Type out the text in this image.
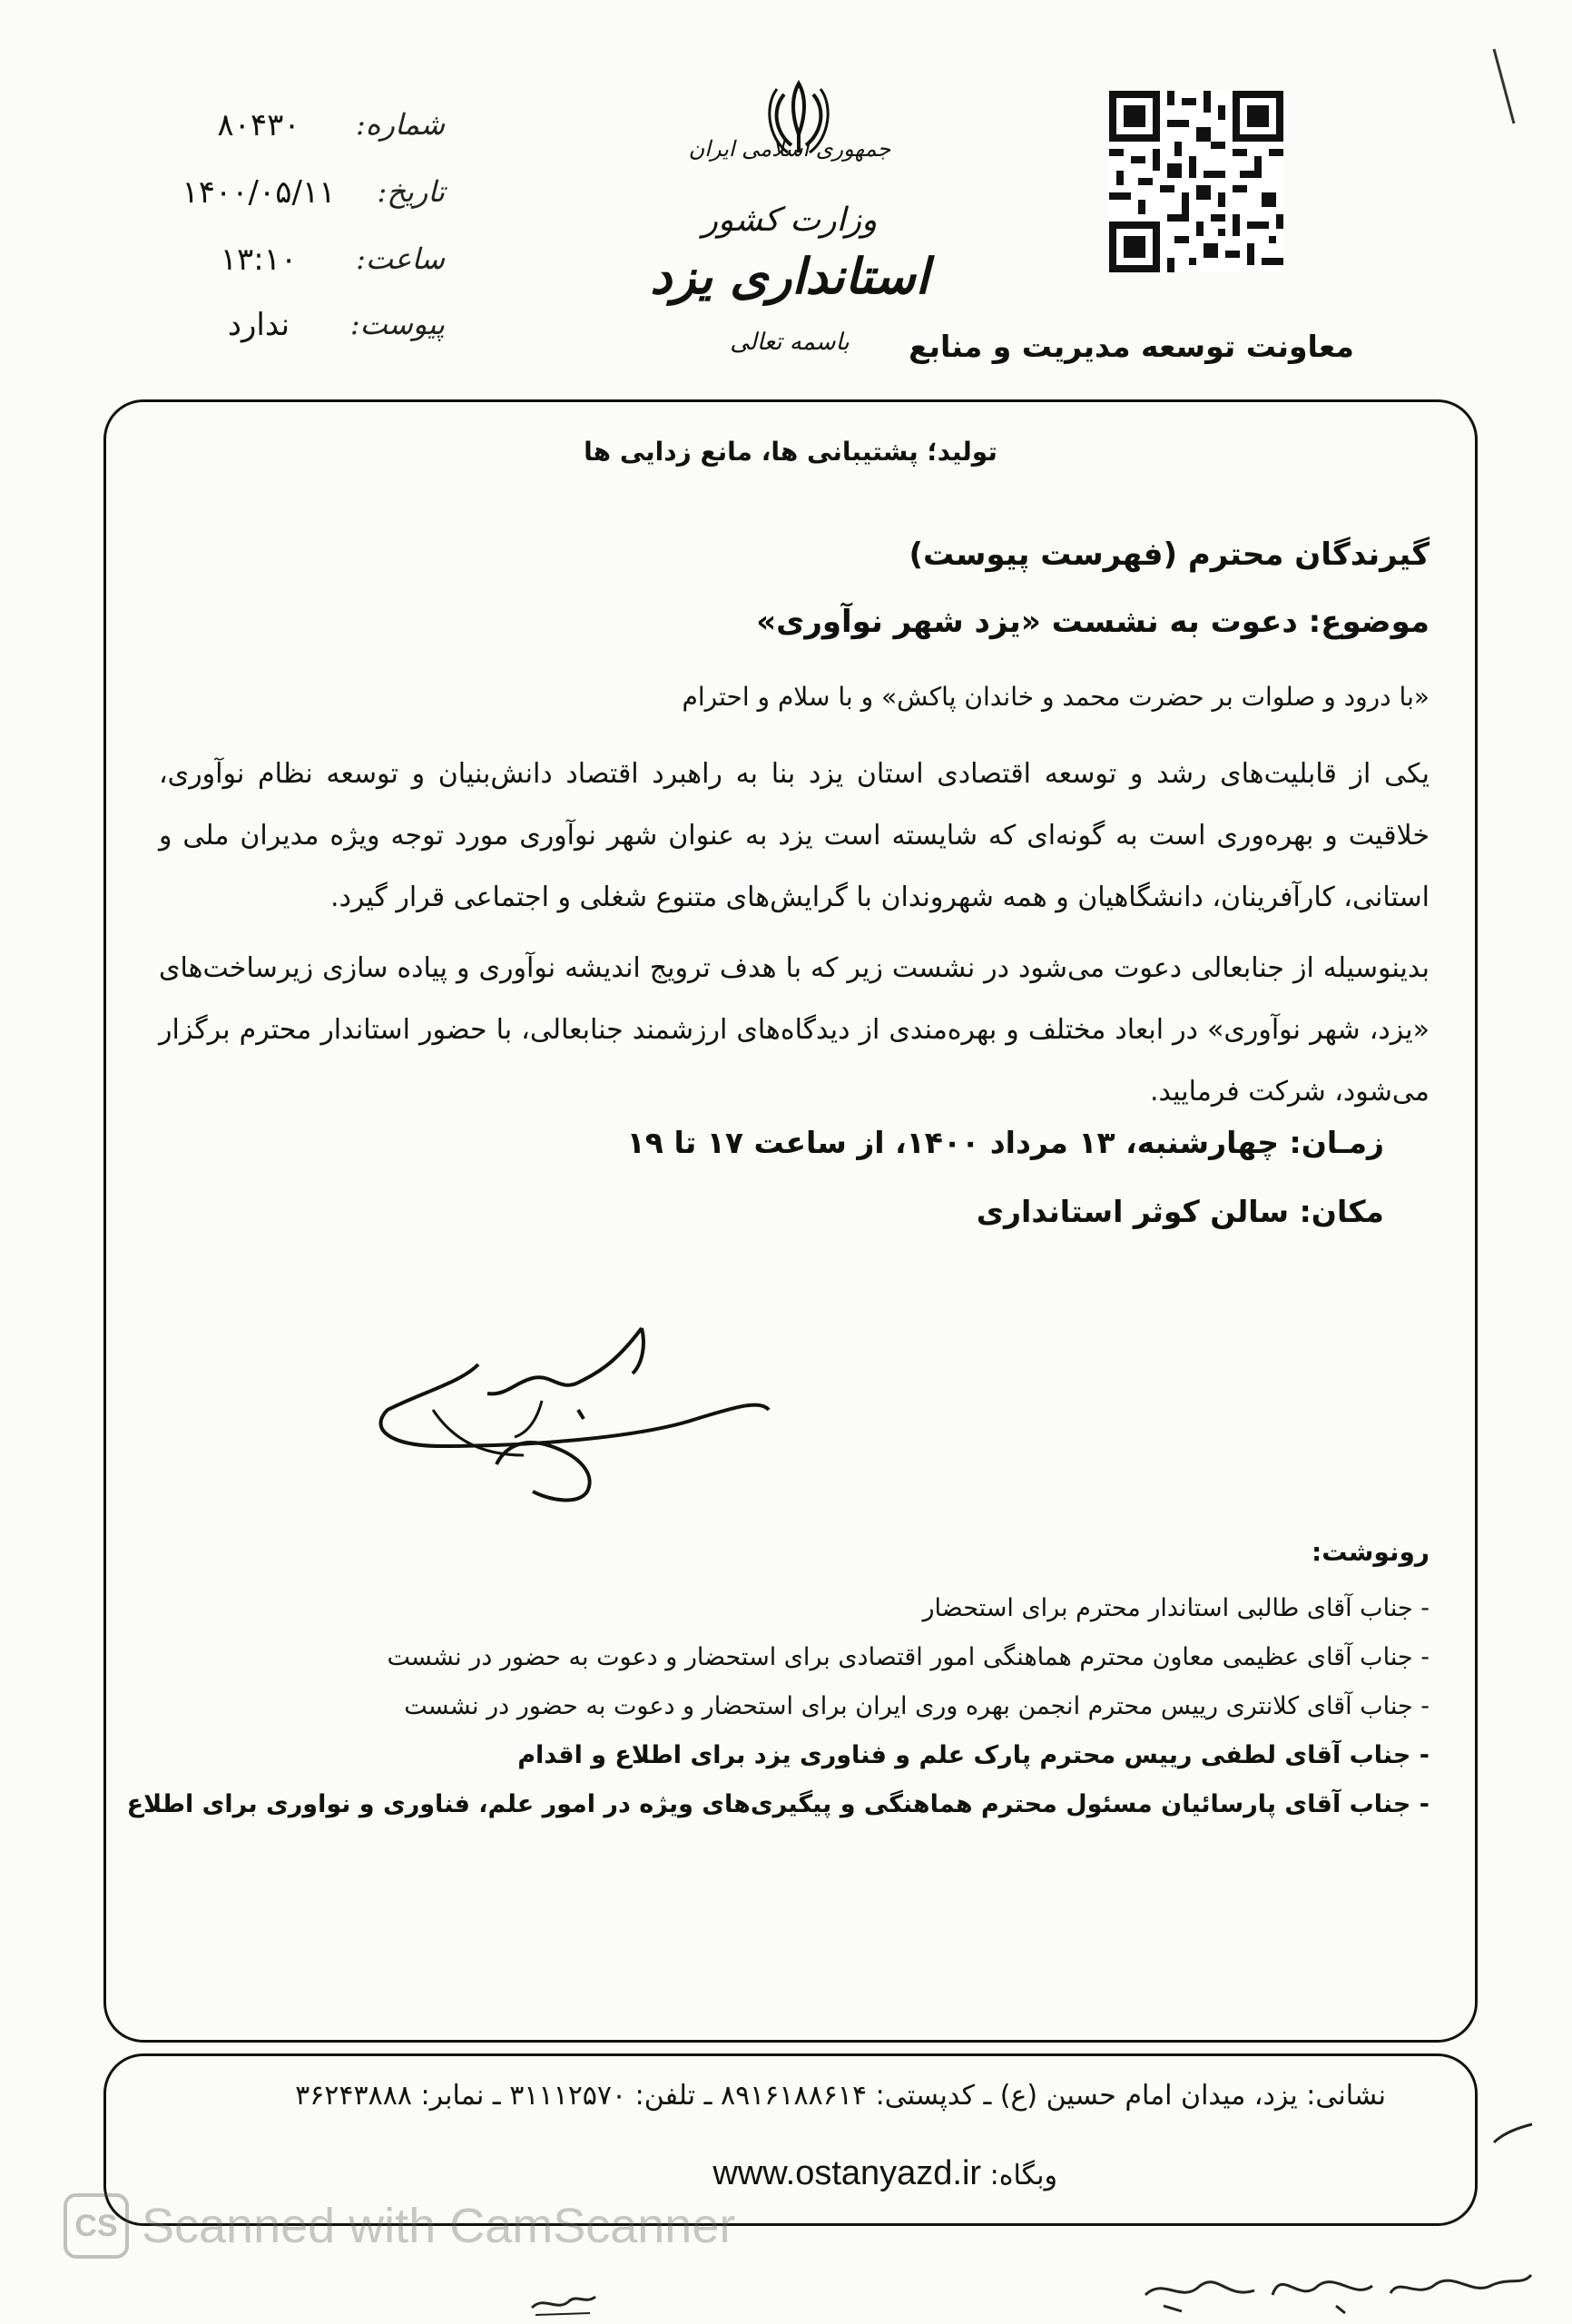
شماره:
۸۰۴۳۰
تاریخ:
۱۴۰۰/۰۵/۱۱
ساعت:
۱۳:۱۰
پیوست:
ندارد
جمهوری اسلامی ایران
وزارت کشور
استانداری یزد
باسمه تعالی	معاونت توسعه مدیریت و منابع
تولید؛ پشتیبانی ها، مانع زدایی ها
گیرندگان محترم (فهرست پیوست)
موضوع: دعوت به نشست «یزد شهر نوآوری»
«با درود و صلوات بر حضرت محمد و خاندان پاکش» و با سلام و احترام
یکی از قابلیت‌های رشد و توسعه اقتصادی استان یزد بنا به راهبرد اقتصاد دانش‌بنیان و توسعه نظام نوآوری، خلاقیت و بهره‌وری است به گونه‌ای که شایسته است یزد به عنوان شهر نوآوری مورد توجه ویژه مدیران ملی و استانی، کارآفرینان، دانشگاهیان و همه شهروندان با گرایش‌های متنوع شغلی و اجتماعی قرار گیرد.
بدینوسیله از جنابعالی دعوت می‌شود در نشست زیر که با هدف ترویج اندیشه نوآوری و پیاده سازی زیرساخت‌های «یزد، شهر نوآوری» در ابعاد مختلف و بهره‌مندی از دیدگاه‌های ارزشمند جنابعالی، با حضور استاندار محترم برگزار می‌شود، شرکت فرمایید.
زمـان: چهارشنبه، ۱۳ مرداد ۱۴۰۰، از ساعت ۱۷ تا ۱۹
مکان: سالن کوثر استانداری
رونوشت:
- جناب آقای طالبی استاندار محترم برای استحضار
- جناب آقای عظیمی معاون محترم هماهنگی امور اقتصادی برای استحضار و دعوت به حضور در نشست
- جناب آقای کلانتری رییس محترم انجمن بهره وری ایران برای استحضار و دعوت به حضور در نشست
- جناب آقای لطفی رییس محترم پارک علم و فناوری یزد برای اطلاع و اقدام
- جناب آقای پارسائیان مسئول محترم هماهنگی و پیگیری‌های ویژه در امور علم، فناوری و نواوری برای اطلاع
نشانی: یزد، میدان امام حسین (ع) ـ کدپستی: ۸۹۱۶۱۸۸۶۱۴ ـ تلفن: ۳۱۱۱۲۵۷۰ ـ نمابر: ۳۶۲۴۳۸۸۸
وبگاه: www.ostanyazd.ir
CS Scanned with CamScanner
